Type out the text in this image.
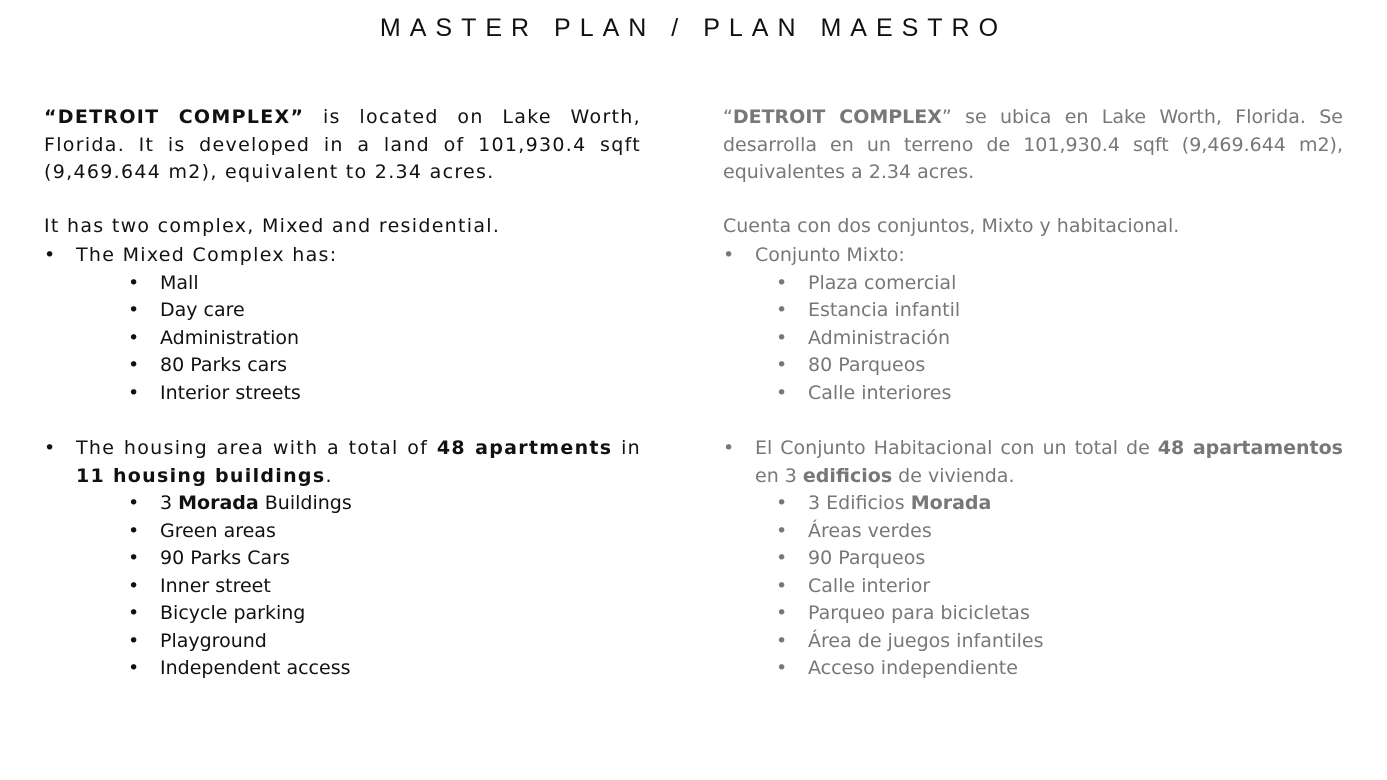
MASTER PLAN / PLAN MAESTRO

“DETROIT COMPLEX” is located on Lake Worth, Florida. It is developed in a land of 101,930.4 sqft (9,469.644 m2), equivalent to 2.34 acres.

It has two complex, Mixed and residential.
• The Mixed Complex has:
• Mall
• Day care
• Administration
• 80 Parks cars
• Interior streets
• The housing area with a total of 48 apartments in 11 housing buildings.
• 3 Morada Buildings
• Green areas
• 90 Parks Cars
• Inner street
• Bicycle parking
• Playground
• Independent access

“DETROIT COMPLEX” se ubica en Lake Worth, Florida. Se desarrolla en un terreno de 101,930.4 sqft (9,469.644 m2), equivalentes a 2.34 acres.

Cuenta con dos conjuntos, Mixto y habitacional.
• Conjunto Mixto:
• Plaza comercial
• Estancia infantil
• Administración
• 80 Parqueos
• Calle interiores
• El Conjunto Habitacional con un total de 48 apartamentos en 3 edificios de vivienda.
• 3 Edificios Morada
• Áreas verdes
• 90 Parqueos
• Calle interior
• Parqueo para bicicletas
• Área de juegos infantiles
• Acceso independiente
